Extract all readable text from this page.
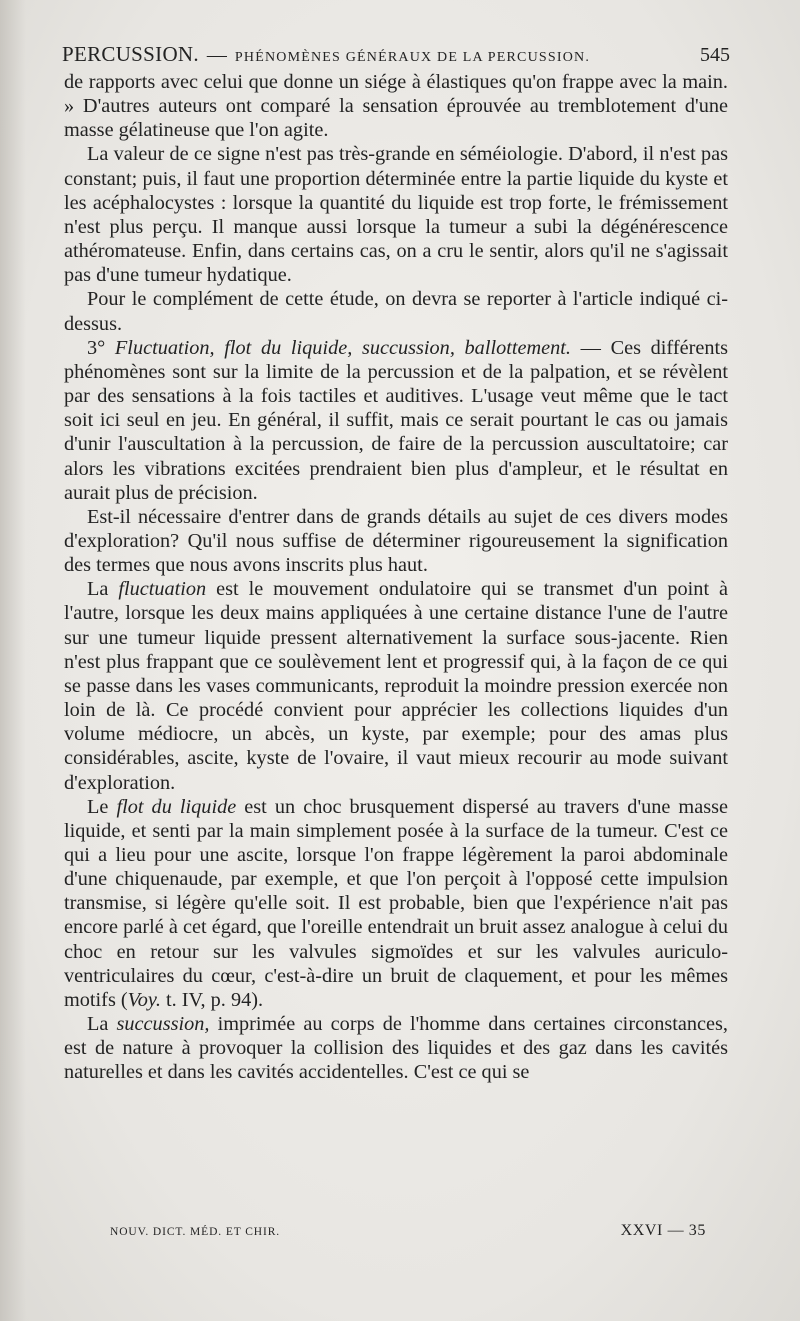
PERCUSSION. — PHÉNOMÈNES GÉNÉRAUX DE LA PERCUSSION.	545

de rapports avec celui que donne un siége à élastiques qu'on frappe avec la main. » D'autres auteurs ont comparé la sensation éprouvée au tremblotement d'une masse gélatineuse que l'on agite.

La valeur de ce signe n'est pas très-grande en séméiologie. D'abord, il n'est pas constant; puis, il faut une proportion déterminée entre la partie liquide du kyste et les acéphalocystes : lorsque la quantité du liquide est trop forte, le frémissement n'est plus perçu. Il manque aussi lorsque la tumeur a subi la dégénérescence athéromateuse. Enfin, dans certains cas, on a cru le sentir, alors qu'il ne s'agissait pas d'une tumeur hydatique.

Pour le complément de cette étude, on devra se reporter à l'article indiqué ci-dessus.

3° Fluctuation, flot du liquide, succussion, ballottement. — Ces différents phénomènes sont sur la limite de la percussion et de la palpation, et se révèlent par des sensations à la fois tactiles et auditives. L'usage veut même que le tact soit ici seul en jeu. En général, il suffit, mais ce serait pourtant le cas ou jamais d'unir l'auscultation à la percussion, de faire de la percussion auscultatoire; car alors les vibrations excitées prendraient bien plus d'ampleur, et le résultat en aurait plus de précision.

Est-il nécessaire d'entrer dans de grands détails au sujet de ces divers modes d'exploration? Qu'il nous suffise de déterminer rigoureusement la signification des termes que nous avons inscrits plus haut.

La fluctuation est le mouvement ondulatoire qui se transmet d'un point à l'autre, lorsque les deux mains appliquées à une certaine distance l'une de l'autre sur une tumeur liquide pressent alternativement la surface sous-jacente. Rien n'est plus frappant que ce soulèvement lent et progressif qui, à la façon de ce qui se passe dans les vases communicants, reproduit la moindre pression exercée non loin de là. Ce procédé convient pour apprécier les collections liquides d'un volume médiocre, un abcès, un kyste, par exemple; pour des amas plus considérables, ascite, kyste de l'ovaire, il vaut mieux recourir au mode suivant d'exploration.

Le flot du liquide est un choc brusquement dispersé au travers d'une masse liquide, et senti par la main simplement posée à la surface de la tumeur. C'est ce qui a lieu pour une ascite, lorsque l'on frappe légèrement la paroi abdominale d'une chiquenaude, par exemple, et que l'on perçoit à l'opposé cette impulsion transmise, si légère qu'elle soit. Il est probable, bien que l'expérience n'ait pas encore parlé à cet égard, que l'oreille entendrait un bruit assez analogue à celui du choc en retour sur les valvules sigmoïdes et sur les valvules auriculo-ventriculaires du cœur, c'est-à-dire un bruit de claquement, et pour les mêmes motifs (Voy. t. IV, p. 94).

La succussion, imprimée au corps de l'homme dans certaines circonstances, est de nature à provoquer la collision des liquides et des gaz dans les cavités naturelles et dans les cavités accidentelles. C'est ce qui se

NOUV. DICT. MÉD. ET CHIR.	XXVI — 35
